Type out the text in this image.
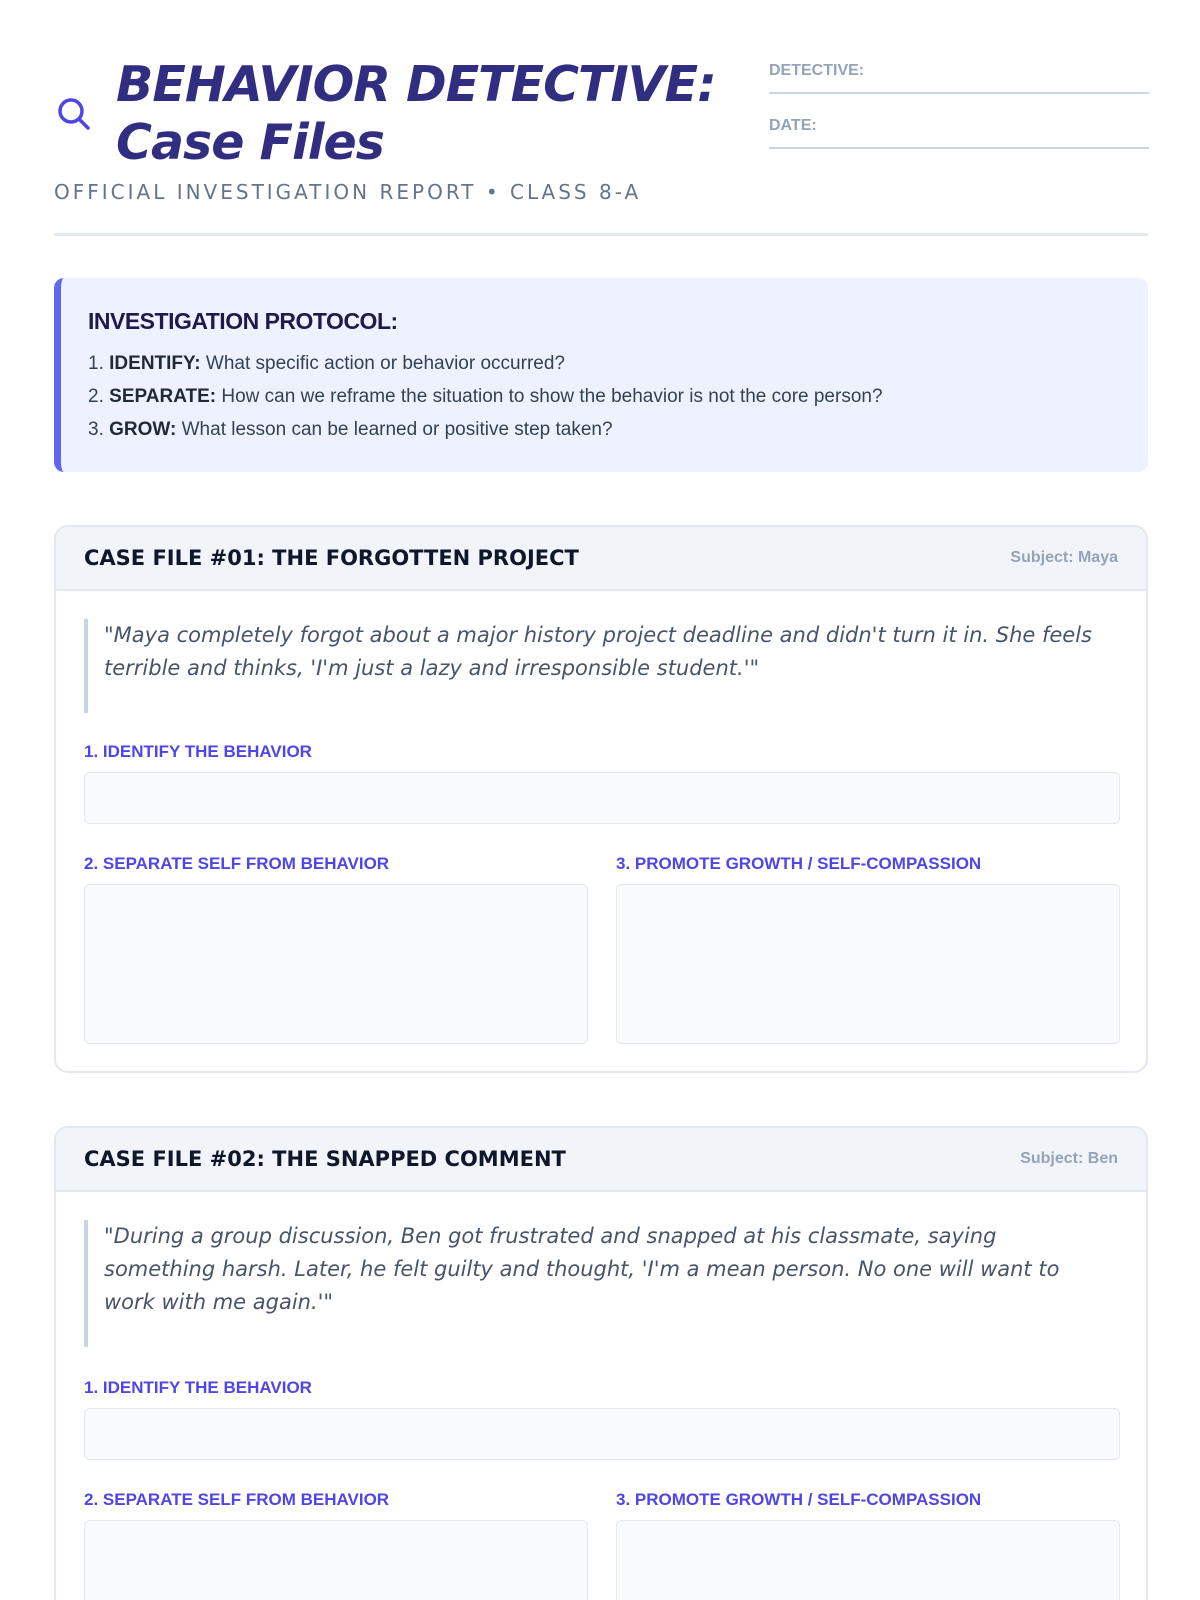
BEHAVIOR DETECTIVE:
Case Files
OFFICIAL INVESTIGATION REPORT • CLASS 8-A
DETECTIVE:
DATE:
INVESTIGATION PROTOCOL:
1. IDENTIFY: What specific action or behavior occurred?
2. SEPARATE: How can we reframe the situation to show the behavior is not the core person?
3. GROW: What lesson can be learned or positive step taken?
CASE FILE #01: THE FORGOTTEN PROJECT	Subject: Maya
"Maya completely forgot about a major history project deadline and didn't turn it in. She feels terrible and thinks, 'I'm just a lazy and irresponsible student.'"
1. IDENTIFY THE BEHAVIOR
2. SEPARATE SELF FROM BEHAVIOR	3. PROMOTE GROWTH / SELF-COMPASSION
CASE FILE #02: THE SNAPPED COMMENT	Subject: Ben
"During a group discussion, Ben got frustrated and snapped at his classmate, saying something harsh. Later, he felt guilty and thought, 'I'm a mean person. No one will want to work with me again.'"
1. IDENTIFY THE BEHAVIOR
2. SEPARATE SELF FROM BEHAVIOR	3. PROMOTE GROWTH / SELF-COMPASSION
